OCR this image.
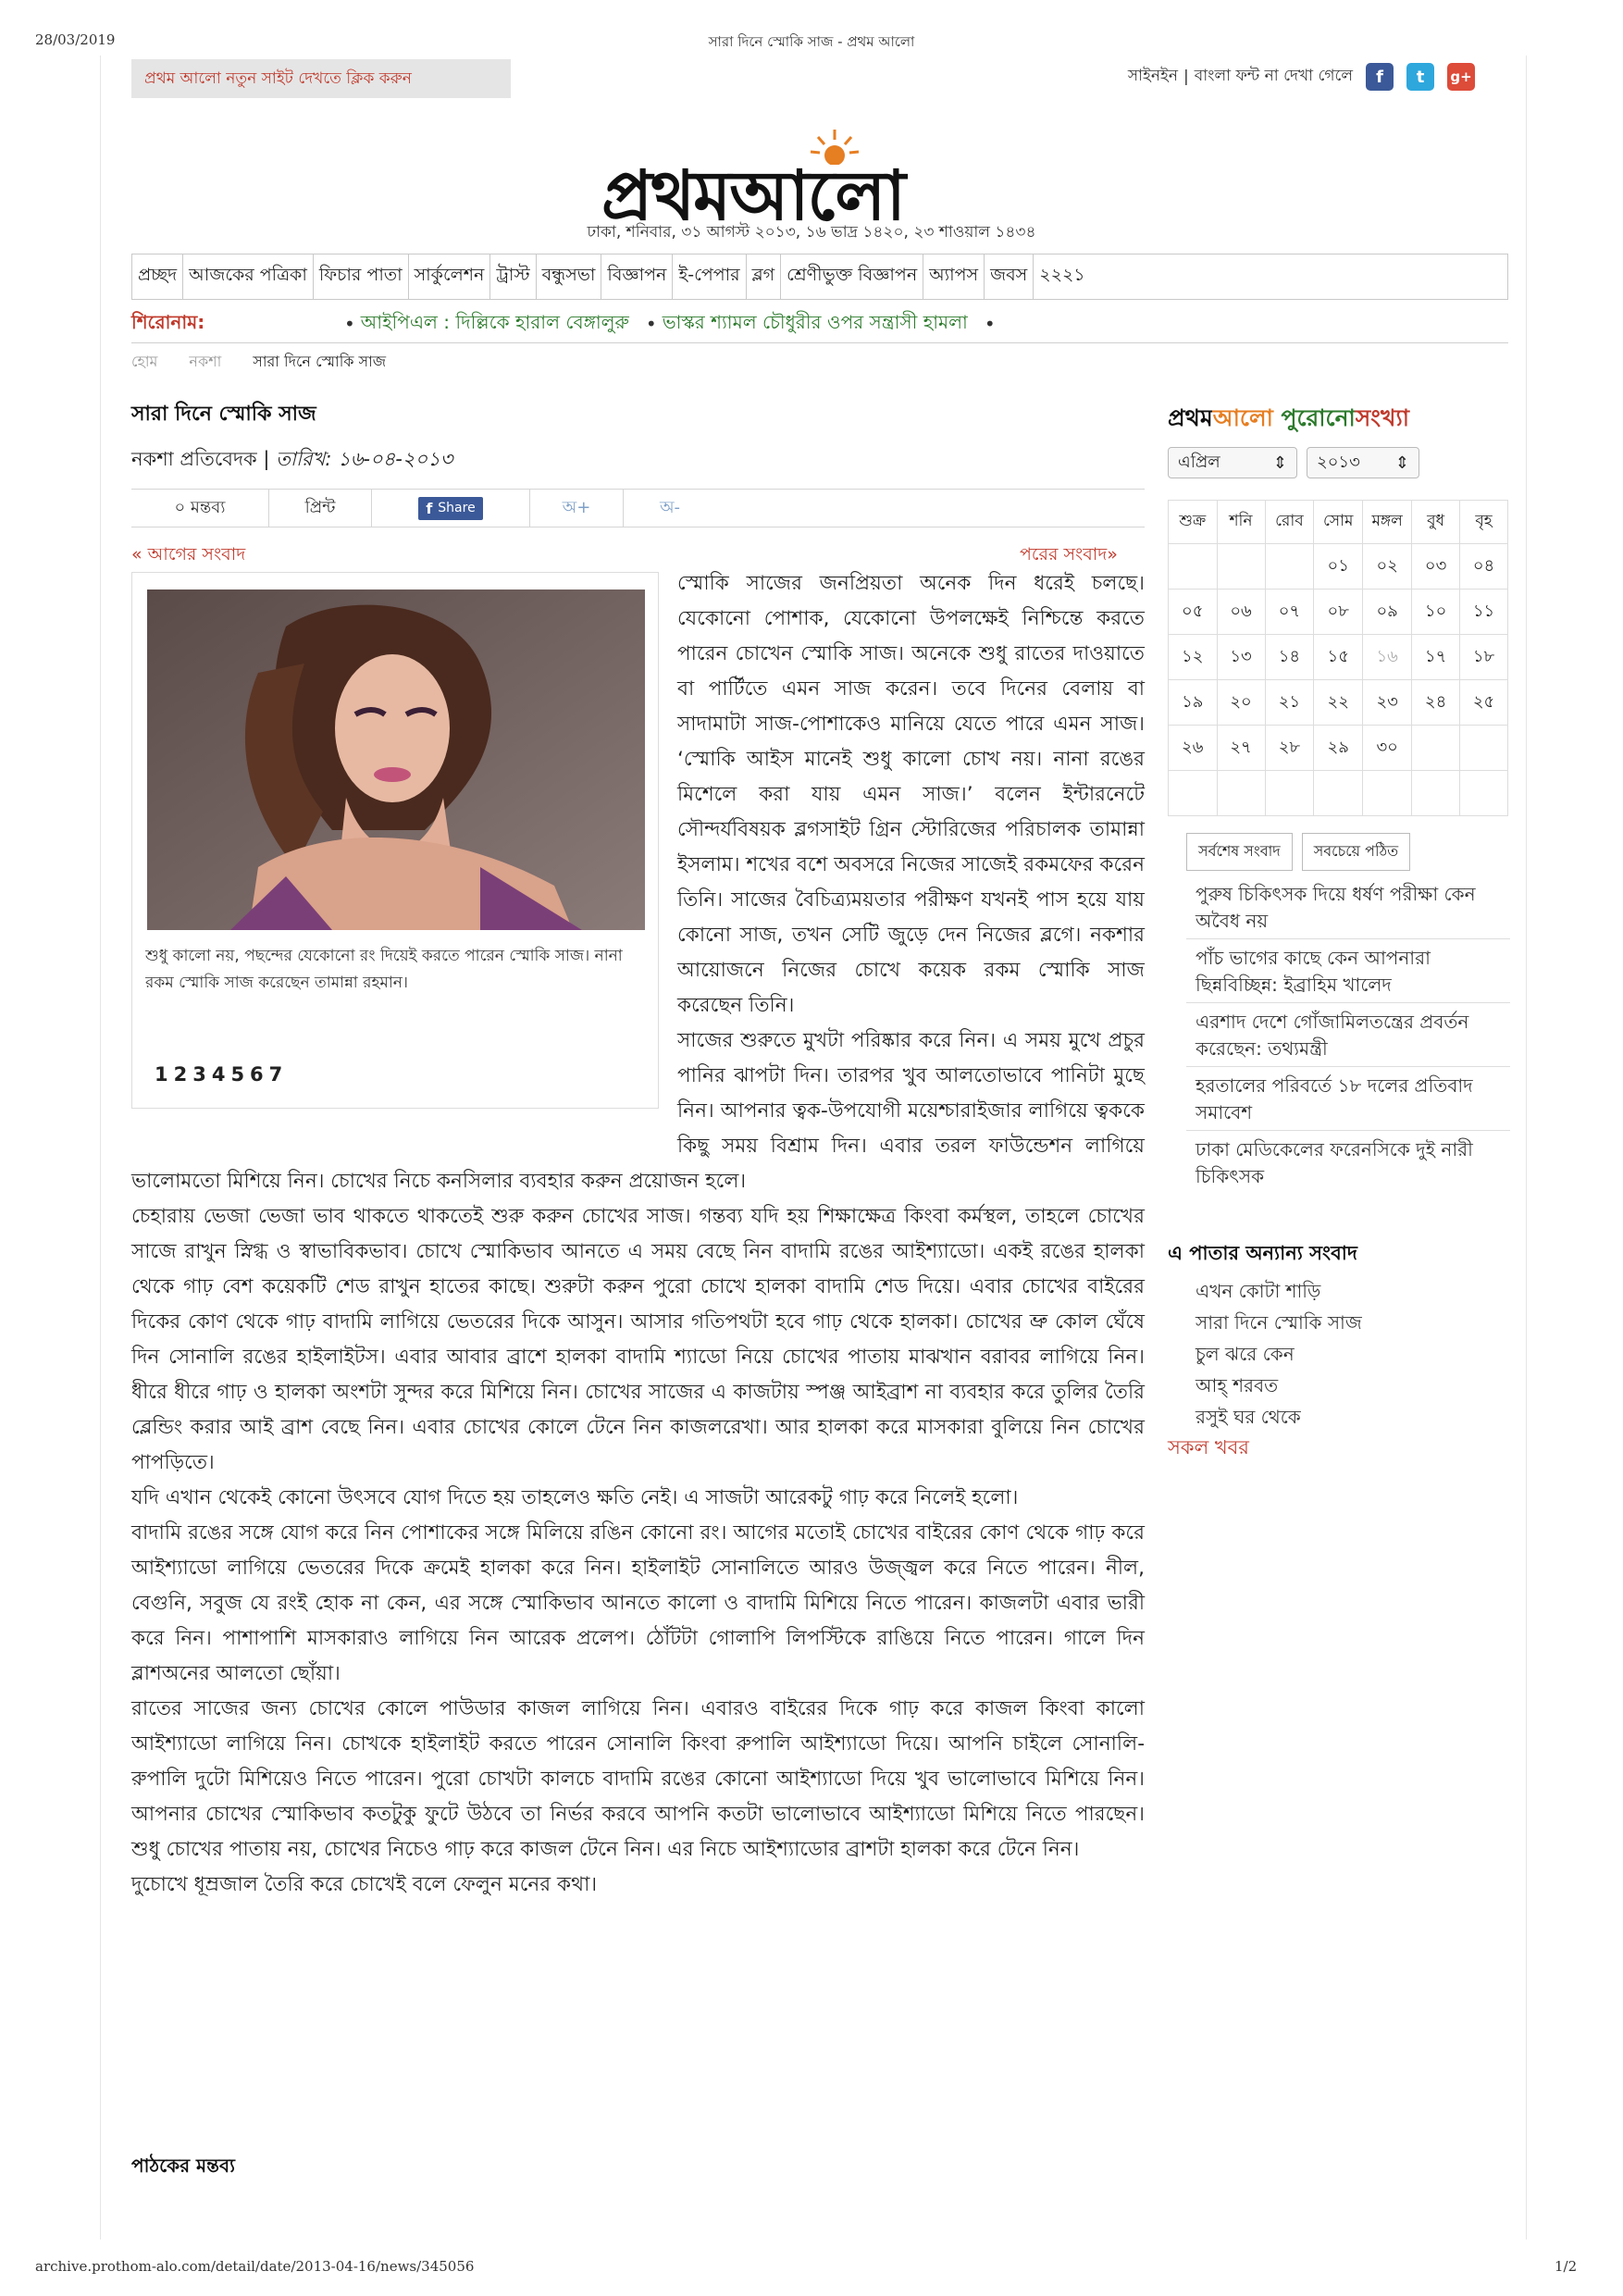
28/03/2019	সারা দিনে স্মোকি সাজ - প্রথম আলো
প্রথম আলো নতুন সাইট দেখতে ক্লিক করুন	সাইনইন | বাংলা ফন্ট না দেখা গেলে	f	t	g+
প্রথমআলো
ঢাকা, শনিবার, ৩১ আগস্ট ২০১৩, ১৬ ভাদ্র ১৪২০, ২৩ শাওয়াল ১৪৩৪
প্রচ্ছদ আজকের পত্রিকা ফিচার পাতা সার্কুলেশন ট্রাস্ট বন্ধুসভা বিজ্ঞাপন ই-পেপার ব্লগ শ্রেণীভুক্ত বিজ্ঞাপন অ্যাপস জবস ২২২১
শিরোনাম:	• আইপিএল : দিল্লিকে হারাল বেঙ্গালুরু • ভাস্কর শ্যামল চৌধুরীর ওপর সন্ত্রাসী হামলা •
হোম নকশা সারা দিনে স্মোকি সাজ
সারা দিনে স্মোকি সাজ
নকশা প্রতিবেদক | তারিখ: ১৬-০৪-২০১৩
০ মন্তব্য	প্রিন্ট	f Share	অ+	অ-
« আগের সংবাদ	পরের সংবাদ»

স্মোকি সাজের জনপ্রিয়তা অনেক দিন ধরেই চলছে। যেকোনো পোশাক, যেকোনো উপলক্ষেই নিশ্চিন্তে করতে পারেন চোখেন স্মোকি সাজ। অনেকে শুধু রাতের দাওয়াতে বা পার্টিতে এমন সাজ করেন। তবে দিনের বেলায় বা সাদামাটা সাজ-পোশাকেও মানিয়ে যেতে পারে এমন সাজ। ‘স্মোকি আইস মানেই শুধু কালো চোখ নয়। নানা রঙের মিশেলে করা যায় এমন সাজ।’ বলেন ইন্টারনেটে সৌন্দর্যবিষয়ক ব্লগসাইট গ্রিন স্টোরিজের পরিচালক তামান্না ইসলাম। শখের বশে অবসরে নিজের সাজেই রকমফের করেন তিনি। সাজের বৈচিত্র্যময়তার পরীক্ষণ যখনই পাস হয়ে যায় কোনো সাজ, তখন সেটি জুড়ে দেন নিজের ব্লগে। নকশার আয়োজনে নিজের চোখে কয়েক রকম স্মোকি সাজ করেছেন তিনি।

সাজের শুরুতে মুখটা পরিষ্কার করে নিন। এ সময় মুখে প্রচুর পানির ঝাপটা দিন। তারপর খুব আলতোভাবে পানিটা মুছে নিন। আপনার ত্বক-উপযোগী ময়েশ্চারাইজার লাগিয়ে ত্বককে কিছু সময় বিশ্রাম দিন। এবার তরল ফাউন্ডেশন লাগিয়ে ভালোমতো মিশিয়ে নিন। চোখের নিচে কনসিলার ব্যবহার করুন প্রয়োজন হলে।

চেহারায় ভেজা ভেজা ভাব থাকতে থাকতেই শুরু করুন চোখের সাজ। গন্তব্য যদি হয় শিক্ষাক্ষেত্র কিংবা কর্মস্থল, তাহলে চোখের সাজে রাখুন স্নিগ্ধ ও স্বাভাবিকভাব। চোখে স্মোকিভাব আনতে এ সময় বেছে নিন বাদামি রঙের আইশ্যাডো। একই রঙের হালকা থেকে গাঢ় বেশ কয়েকটি শেড রাখুন হাতের কাছে। শুরুটা করুন পুরো চোখে হালকা বাদামি শেড দিয়ে। এবার চোখের বাইরের দিকের কোণ থেকে গাঢ় বাদামি লাগিয়ে ভেতরের দিকে আসুন। আসার গতিপথটা হবে গাঢ় থেকে হালকা। চোখের ভ্রু কোল ঘেঁষে দিন সোনালি রঙের হাইলাইটস। এবার আবার ব্রাশে হালকা বাদামি শ্যাডো নিয়ে চোখের পাতায় মাঝখান বরাবর লাগিয়ে নিন। ধীরে ধীরে গাঢ় ও হালকা অংশটা সুন্দর করে মিশিয়ে নিন। চোখের সাজের এ কাজটায় স্পঞ্জ আইব্রাশ না ব্যবহার করে তুলির তৈরি ব্লেন্ডিং করার আই ব্রাশ বেছে নিন। এবার চোখের কোলে টেনে নিন কাজলরেখা। আর হালকা করে মাসকারা বুলিয়ে নিন চোখের পাপড়িতে।

যদি এখান থেকেই কোনো উৎসবে যোগ দিতে হয় তাহলেও ক্ষতি নেই। এ সাজটা আরেকটু গাঢ় করে নিলেই হলো।

বাদামি রঙের সঙ্গে যোগ করে নিন পোশাকের সঙ্গে মিলিয়ে রঙিন কোনো রং। আগের মতোই চোখের বাইরের কোণ থেকে গাঢ় করে আইশ্যাডো লাগিয়ে ভেতরের দিকে ক্রমেই হালকা করে নিন। হাইলাইট সোনালিতে আরও উজ্জ্বল করে নিতে পারেন। নীল, বেগুনি, সবুজ যে রংই হোক না কেন, এর সঙ্গে স্মোকিভাব আনতে কালো ও বাদামি মিশিয়ে নিতে পারেন। কাজলটা এবার ভারী করে নিন। পাশাপাশি মাসকারাও লাগিয়ে নিন আরেক প্রলেপ। ঠোঁটটা গোলাপি লিপস্টিকে রাঙিয়ে নিতে পারেন। গালে দিন ব্লাশঅনের আলতো ছোঁয়া।

রাতের সাজের জন্য চোখের কোলে পাউডার কাজল লাগিয়ে নিন। এবারও বাইরের দিকে গাঢ় করে কাজল কিংবা কালো আইশ্যাডো লাগিয়ে নিন। চোখকে হাইলাইট করতে পারেন সোনালি কিংবা রুপালি আইশ্যাডো দিয়ে। আপনি চাইলে সোনালি-রুপালি দুটো মিশিয়েও নিতে পারেন। পুরো চোখটা কালচে বাদামি রঙের কোনো আইশ্যাডো দিয়ে খুব ভালোভাবে মিশিয়ে নিন। আপনার চোখের স্মোকিভাব কতটুকু ফুটে উঠবে তা নির্ভর করবে আপনি কতটা ভালোভাবে আইশ্যাডো মিশিয়ে নিতে পারছেন। শুধু চোখের পাতায় নয়, চোখের নিচেও গাঢ় করে কাজল টেনে নিন। এর নিচে আইশ্যাডোর ব্রাশটা হালকা করে টেনে নিন।

দুচোখে ধূম্রজাল তৈরি করে চোখেই বলে ফেলুন মনের কথা।

শুধু কালো নয়, পছন্দের যেকোনো রং দিয়েই করতে পারেন স্মোকি সাজ। নানা রকম স্মোকি সাজ করেছেন তামান্না রহমান।
1234567
পাঠকের মন্তব্য
প্রথমআলো পুরোনোসংখ্যা
এপ্রিল	⇕ ২০১৩ ⇕
শুক্র	শনি	রোব	সোম	মঙ্গল	বুধ	বৃহ
			০১	০২	০৩	০৪
০৫	০৬	০৭	০৮	০৯	১০	১১
১২	১৩	১৪	১৫	১৬	১৭	১৮
১৯	২০	২১	২২	২৩	২৪	২৫
২৬	২৭	২৮	২৯	৩০		

সর্বশেষ সংবাদ	সবচেয়ে পঠিত
পুরুষ চিকিৎসক দিয়ে ধর্ষণ পরীক্ষা কেন অবৈধ নয়
পাঁচ ভাগের কাছে কেন আপনারা ছিন্নবিচ্ছিন্ন: ইব্রাহিম খালেদ
এরশাদ দেশে গোঁজামিলতন্ত্রের প্রবর্তন করেছেন: তথ্যমন্ত্রী
হরতালের পরিবর্তে ১৮ দলের প্রতিবাদ সমাবেশ
ঢাকা মেডিকেলের ফরেনসিকে দুই নারী চিকিৎসক
এ পাতার অন্যান্য সংবাদ
এখন কোটা শাড়ি
সারা দিনে স্মোকি সাজ
চুল ঝরে কেন
আহ্‌ শরবত
রসুই ঘর থেকে
সকল খবর
archive.prothom-alo.com/detail/date/2013-04-16/news/345056	1/2
